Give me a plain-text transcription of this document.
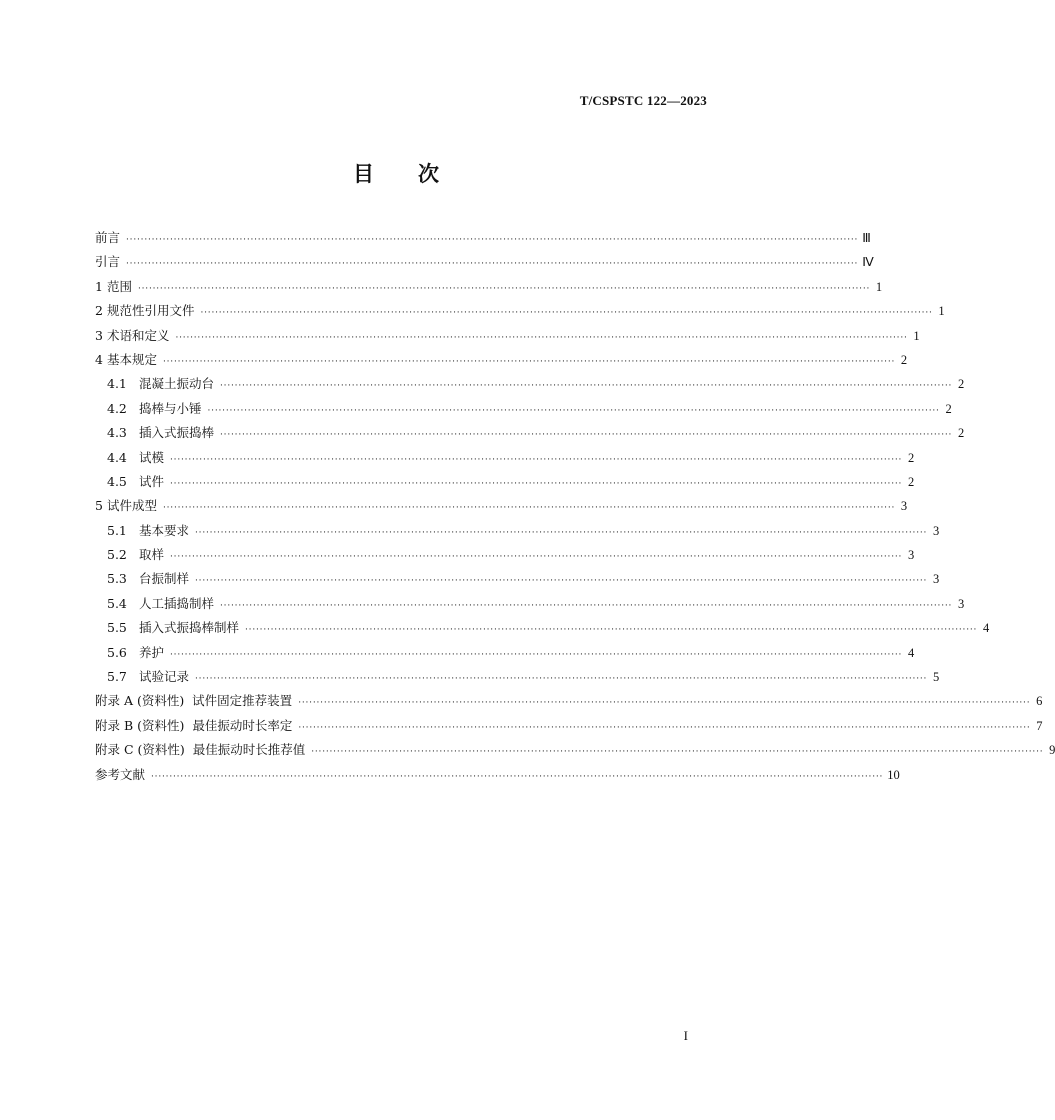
T/CSPSTC 122—2023
目 次
前言 ········································································································································································································ Ⅲ
引言 ········································································································································································································ Ⅳ
1 范围 ········································································································································································································ 1
2 规范性引用文件 ········································································································································································································ 1
3 术语和定义 ········································································································································································································ 1
4 基本规定 ········································································································································································································ 2
4.1 混凝土振动台 ········································································································································································································ 2
4.2 捣棒与小锤 ········································································································································································································ 2
4.3 插入式振捣棒 ········································································································································································································ 2
4.4 试模 ········································································································································································································ 2
4.5 试件 ········································································································································································································ 2
5 试件成型 ········································································································································································································ 3
5.1 基本要求 ········································································································································································································ 3
5.2 取样 ········································································································································································································ 3
5.3 台振制样 ········································································································································································································ 3
5.4 人工插捣制样 ········································································································································································································ 3
5.5 插入式振捣棒制样 ········································································································································································································ 4
5.6 养护 ········································································································································································································ 4
5.7 试验记录 ········································································································································································································ 5
附录 A (资料性)  试件固定推荐装置 ········································································································································································································ 6
附录 B (资料性)  最佳振动时长率定 ········································································································································································································ 7
附录 C (资料性)  最佳振动时长推荐值 ········································································································································································································ 9
参考文献 ········································································································································································································ 10
I
